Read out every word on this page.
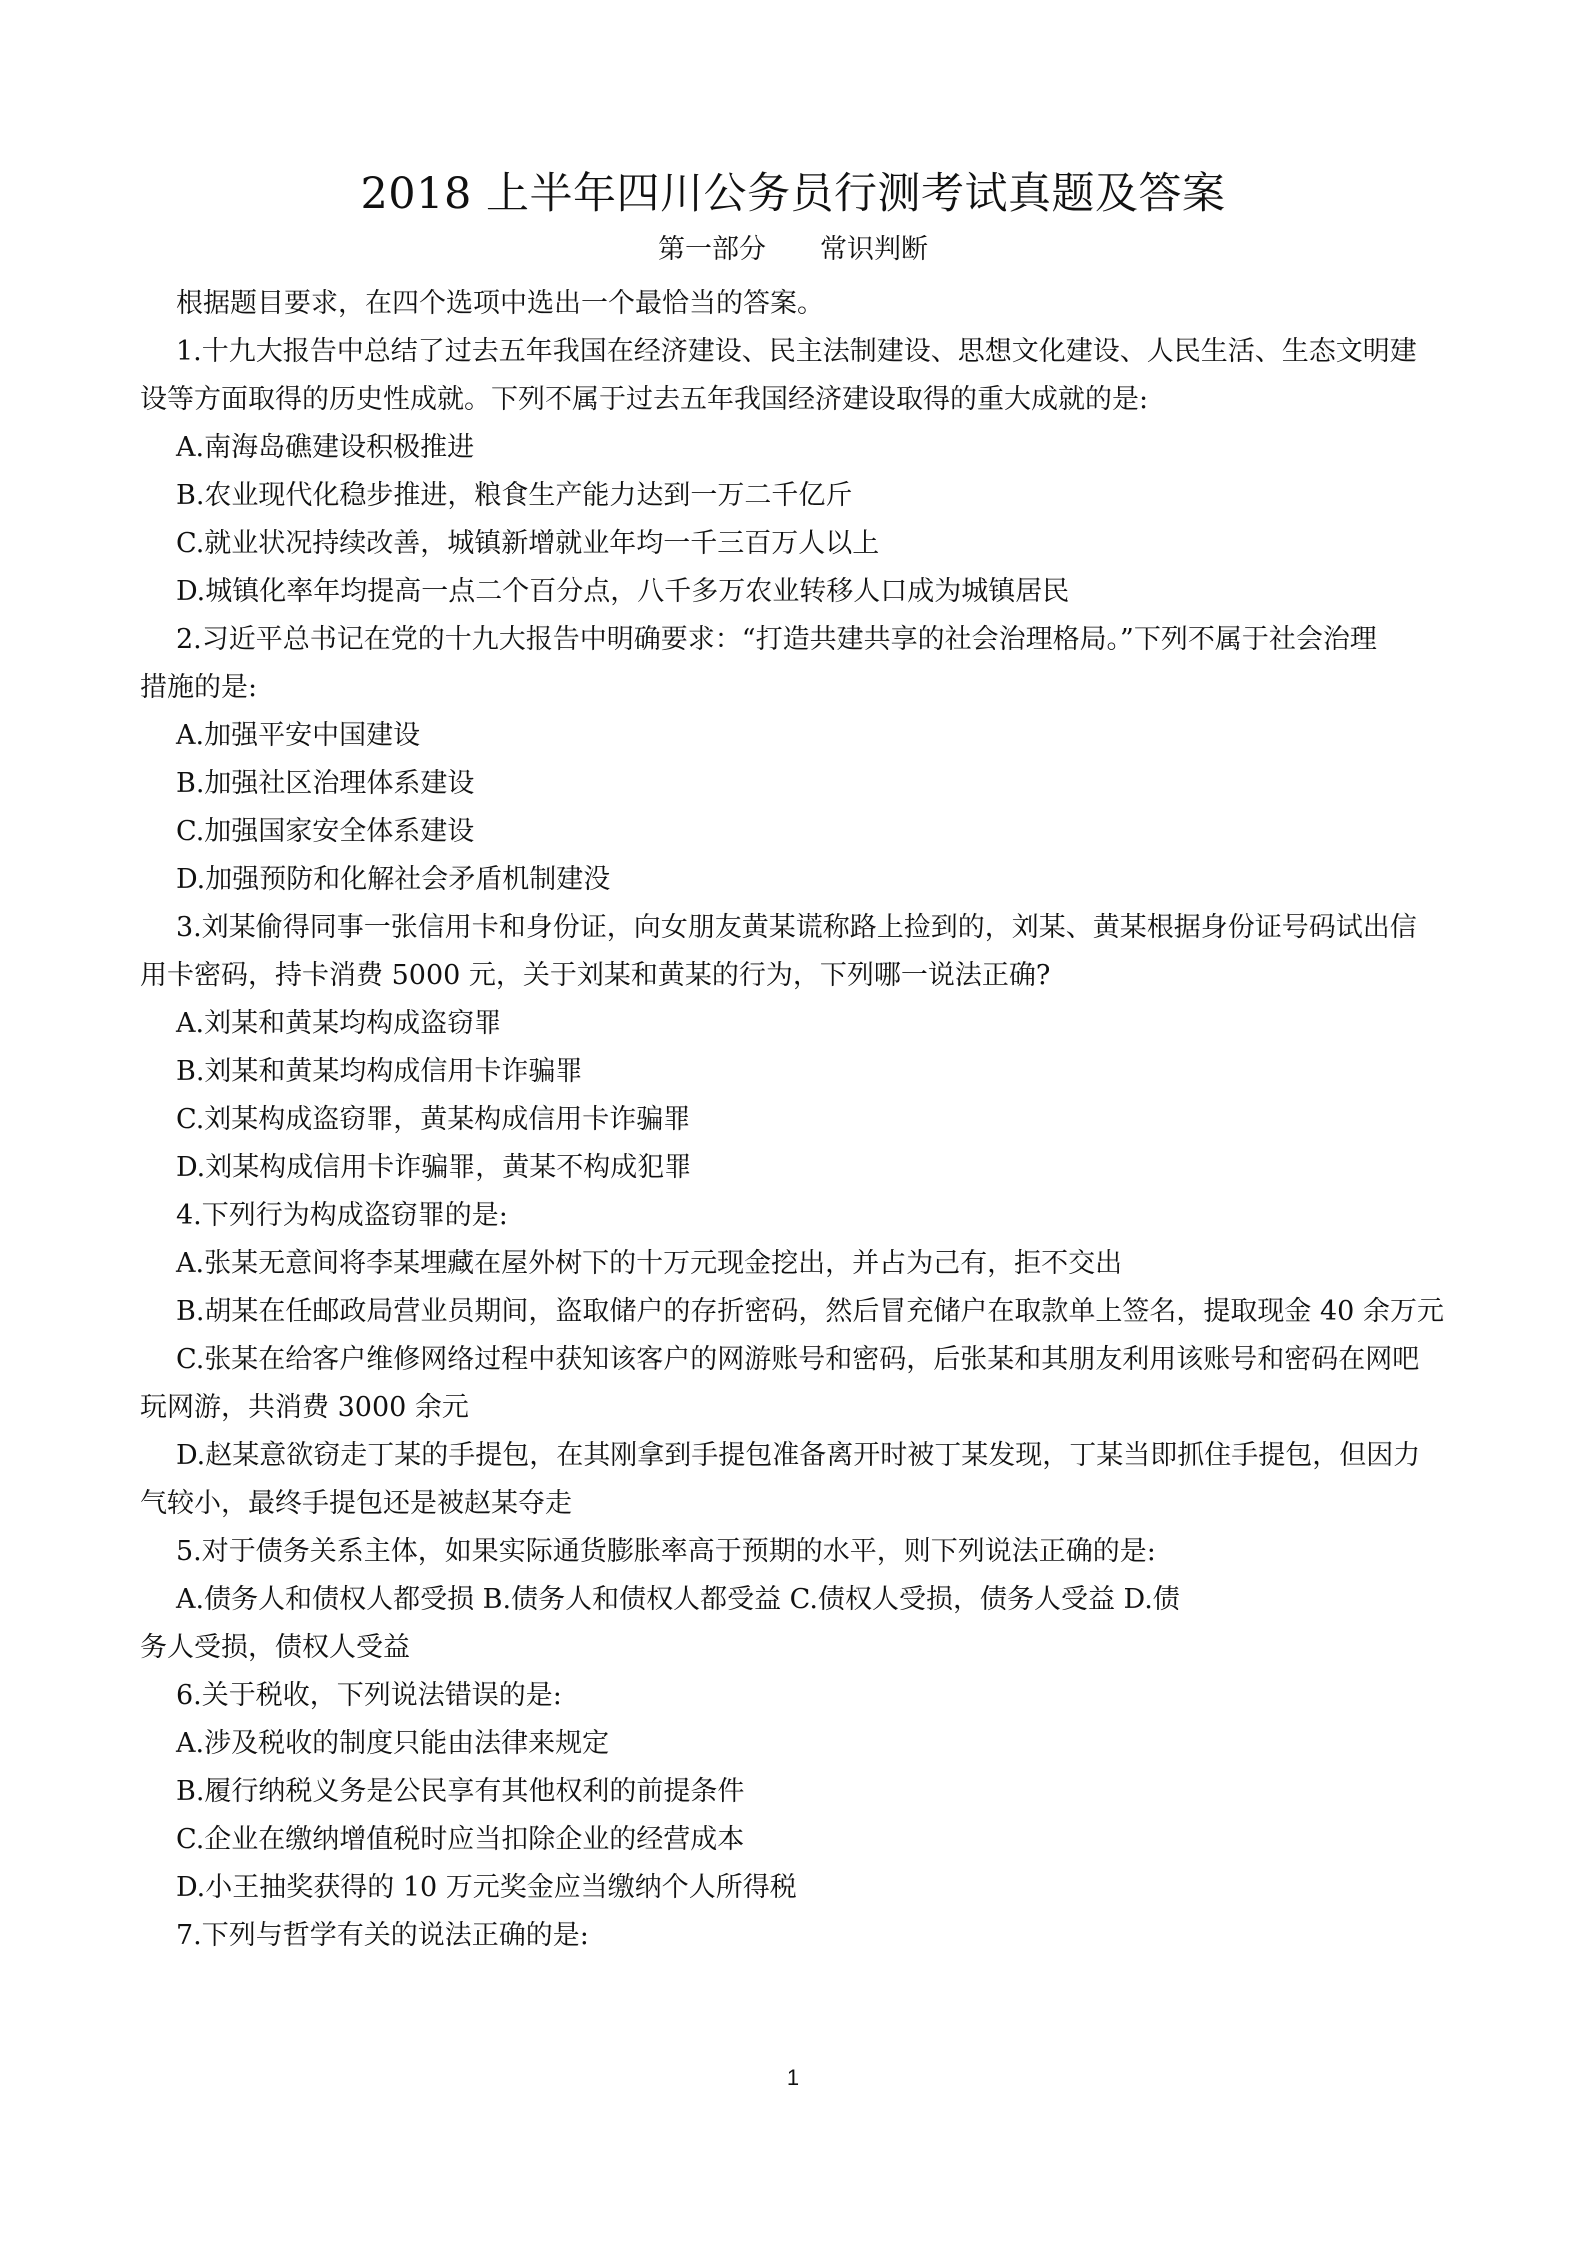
2018 上半年四川公务员行测考试真题及答案
第一部分 常识判断

根据题目要求，在四个选项中选出一个最恰当的答案。

1.十九大报告中总结了过去五年我国在经济建设、民主法制建设、思想文化建设、人民生活、生态文明建

设等方面取得的历史性成就。下列不属于过去五年我国经济建设取得的重大成就的是:

A.南海岛礁建设积极推进

B.农业现代化稳步推进，粮食生产能力达到一万二千亿斤

C.就业状况持续改善，城镇新增就业年均一千三百万人以上

D.城镇化率年均提高一点二个百分点，八千多万农业转移人口成为城镇居民

2.习近平总书记在党的十九大报告中明确要求：“打造共建共享的社会治理格局。”下列不属于社会治理

措施的是:

A.加强平安中国建设

B.加强社区治理体系建设

C.加强国家安全体系建设

D.加强预防和化解社会矛盾机制建没

3.刘某偷得同事一张信用卡和身份证，向女朋友黄某谎称路上捡到的，刘某、黄某根据身份证号码试出信

用卡密码，持卡消费 5000 元，关于刘某和黄某的行为，下列哪一说法正确?

A.刘某和黄某均构成盗窃罪

B.刘某和黄某均构成信用卡诈骗罪

C.刘某构成盗窃罪，黄某构成信用卡诈骗罪

D.刘某构成信用卡诈骗罪，黄某不构成犯罪

4.下列行为构成盗窃罪的是:

A.张某无意间将李某埋藏在屋外树下的十万元现金挖出，并占为己有，拒不交出

B.胡某在任邮政局营业员期间，盗取储户的存折密码，然后冒充储户在取款单上签名，提取现金 40 余万元

C.张某在给客户维修网络过程中获知该客户的网游账号和密码，后张某和其朋友利用该账号和密码在网吧

玩网游，共消费 3000 余元

D.赵某意欲窃走丁某的手提包，在其刚拿到手提包准备离开时被丁某发现，丁某当即抓住手提包，但因力

气较小，最终手提包还是被赵某夺走

5.对于债务关系主体，如果实际通货膨胀率高于预期的水平，则下列说法正确的是:

A.债务人和债权人都受损 B.债务人和债权人都受益 C.债权人受损，债务人受益 D.债

务人受损，债权人受益

6.关于税收，下列说法错误的是:

A.涉及税收的制度只能由法律来规定

B.履行纳税义务是公民享有其他权利的前提条件

C.企业在缴纳增值税时应当扣除企业的经营成本

D.小王抽奖获得的 10 万元奖金应当缴纳个人所得税

7.下列与哲学有关的说法正确的是:

1
